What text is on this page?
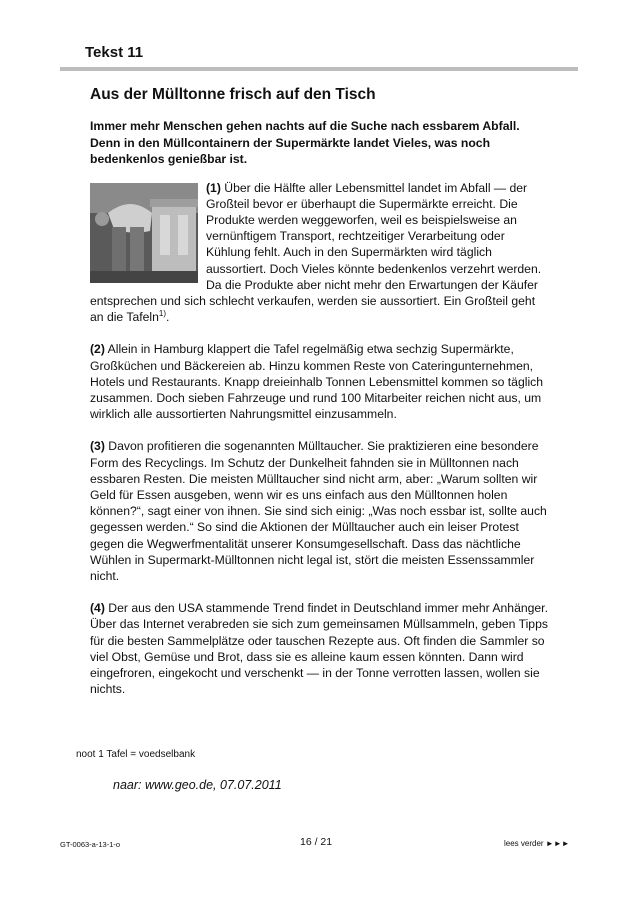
Tekst 11
Aus der Mülltonne frisch auf den Tisch
Immer mehr Menschen gehen nachts auf die Suche nach essbarem Abfall. Denn in den Müllcontainern der Supermärkte landet Vieles, was noch bedenkenlos genießbar ist.
(1) Über die Hälfte aller Lebensmittel landet im Abfall — der Großteil bevor er überhaupt die Supermärkte erreicht. Die Produkte werden weggeworfen, weil es beispielsweise an vernünftigem Transport, rechtzeitiger Verarbeitung oder Kühlung fehlt. Auch in den Supermärkten wird täglich aussortiert. Doch Vieles könnte bedenkenlos verzehrt werden. Da die Produkte aber nicht mehr den Erwartungen der Käufer entsprechen und sich schlecht verkaufen, werden sie aussortiert. Ein Großteil geht an die Tafeln$^{1)}$.
(2) Allein in Hamburg klappert die Tafel regelmäßig etwa sechzig Supermärkte, Großküchen und Bäckereien ab. Hinzu kommen Reste von Cateringunternehmen, Hotels und Restaurants. Knapp dreieinhalb Tonnen Lebensmittel kommen so täglich zusammen. Doch sieben Fahrzeuge und rund 100 Mitarbeiter reichen nicht aus, um wirklich alle aussortierten Nahrungsmittel einzusammeln.
(3) Davon profitieren die sogenannten Mülltaucher. Sie praktizieren eine besondere Form des Recyclings. Im Schutz der Dunkelheit fahnden sie in Mülltonnen nach essbaren Resten. Die meisten Mülltaucher sind nicht arm, aber: „Warum sollten wir Geld für Essen ausgeben, wenn wir es uns einfach aus den Mülltonnen holen können?“, sagt einer von ihnen. Sie sind sich einig: „Was noch essbar ist, sollte auch gegessen werden.“ So sind die Aktionen der Mülltaucher auch ein leiser Protest gegen die Wegwerfmentalität unserer Konsumgesellschaft. Dass das nächtliche Wühlen in Supermarkt-Mülltonnen nicht legal ist, stört die meisten Essenssammler nicht.
(4) Der aus den USA stammende Trend findet in Deutschland immer mehr Anhänger. Über das Internet verabreden sie sich zum gemeinsamen Müllsammeln, geben Tipps für die besten Sammelplätze oder tauschen Rezepte aus. Oft finden die Sammler so viel Obst, Gemüse und Brot, dass sie es alleine kaum essen könnten. Dann wird eingefroren, eingekocht und verschenkt — in der Tonne verrotten lassen, wollen sie nichts.
noot 1 Tafel = voedselbank
naar: www.geo.de, 07.07.2011
GT-0063-a-13-1-o	16 / 21	lees verder ►►►
